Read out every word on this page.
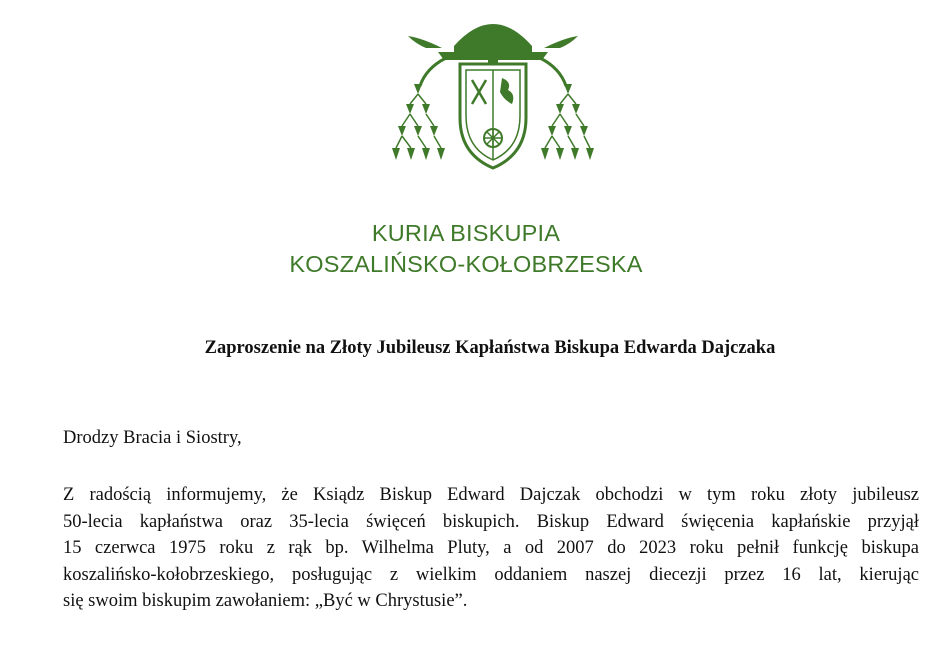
KURIA BISKUPIA
KOSZALIŃSKO-KOŁOBRZESKA
Zaproszenie na Złoty Jubileusz Kapłaństwa Biskupa Edwarda Dajczaka
Drodzy Bracia i Siostry,
Z radością informujemy, że Ksiądz Biskup Edward Dajczak obchodzi w tym roku złoty jubileusz
50-lecia kapłaństwa oraz 35-lecia święceń biskupich. Biskup Edward święcenia kapłańskie przyjął
15 czerwca 1975 roku z rąk bp. Wilhelma Pluty, a od 2007 do 2023 roku pełnił funkcję biskupa
koszalińsko-kołobrzeskiego, posługując z wielkim oddaniem naszej diecezji przez 16 lat, kierując
się swoim biskupim zawołaniem: „Być w Chrystusie”.
